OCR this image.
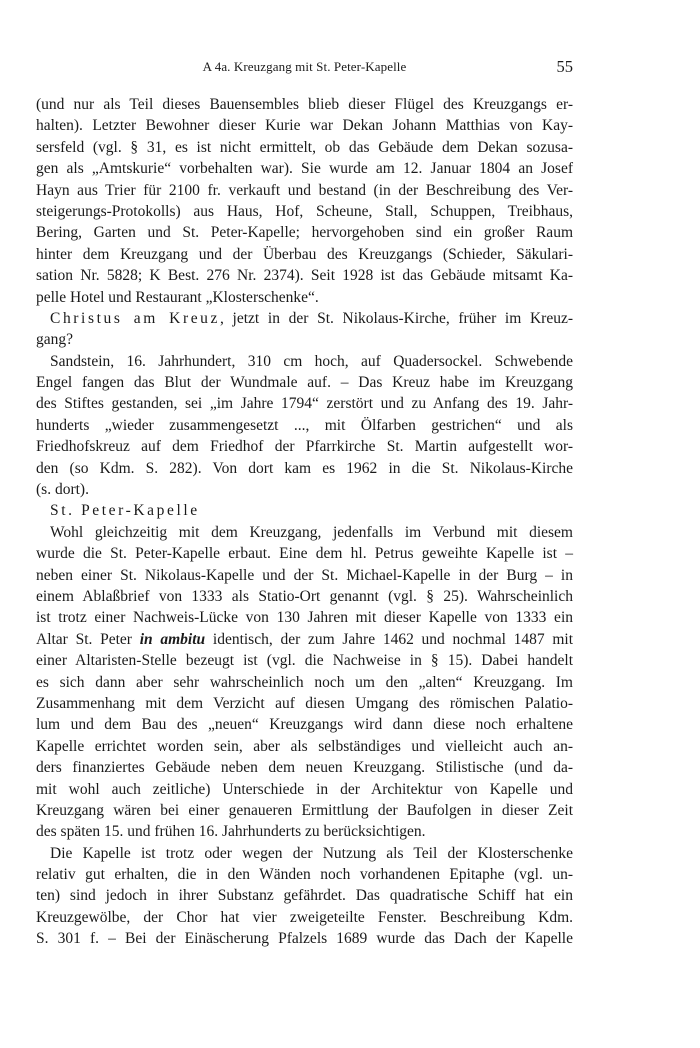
A 4a. Kreuzgang mit St. Peter-Kapelle	55
(und nur als Teil dieses Bauensembles blieb dieser Flügel des Kreuzgangs er-
halten). Letzter Bewohner dieser Kurie war Dekan Johann Matthias von Kay-
sersfeld (vgl. § 31, es ist nicht ermittelt, ob das Gebäude dem Dekan sozusa-
gen als „Amtskurie“ vorbehalten war). Sie wurde am 12. Januar 1804 an Josef
Hayn aus Trier für 2100 fr. verkauft und bestand (in der Beschreibung des Ver-
steigerungs-Protokolls) aus Haus, Hof, Scheune, Stall, Schuppen, Treibhaus,
Bering, Garten und St. Peter-Kapelle; hervorgehoben sind ein großer Raum
hinter dem Kreuzgang und der Überbau des Kreuzgangs (Schieder, Säkulari-
sation Nr. 5828; K Best. 276 Nr. 2374). Seit 1928 ist das Gebäude mitsamt Ka-
pelle Hotel und Restaurant „Klosterschenke“.
Christus am Kreuz, jetzt in der St. Nikolaus-Kirche, früher im Kreuz-
gang?
Sandstein, 16. Jahrhundert, 310 cm hoch, auf Quadersockel. Schwebende
Engel fangen das Blut der Wundmale auf. – Das Kreuz habe im Kreuzgang
des Stiftes gestanden, sei „im Jahre 1794“ zerstört und zu Anfang des 19. Jahr-
hunderts „wieder zusammengesetzt ..., mit Ölfarben gestrichen“ und als
Friedhofskreuz auf dem Friedhof der Pfarrkirche St. Martin aufgestellt wor-
den (so Kdm. S. 282). Von dort kam es 1962 in die St. Nikolaus-Kirche
(s. dort).
St. Peter-Kapelle
Wohl gleichzeitig mit dem Kreuzgang, jedenfalls im Verbund mit diesem
wurde die St. Peter-Kapelle erbaut. Eine dem hl. Petrus geweihte Kapelle ist –
neben einer St. Nikolaus-Kapelle und der St. Michael-Kapelle in der Burg – in
einem Ablaßbrief von 1333 als Statio-Ort genannt (vgl. § 25). Wahrscheinlich
ist trotz einer Nachweis-Lücke von 130 Jahren mit dieser Kapelle von 1333 ein
Altar St. Peter in ambitu identisch, der zum Jahre 1462 und nochmal 1487 mit
einer Altaristen-Stelle bezeugt ist (vgl. die Nachweise in § 15). Dabei handelt
es sich dann aber sehr wahrscheinlich noch um den „alten“ Kreuzgang. Im
Zusammenhang mit dem Verzicht auf diesen Umgang des römischen Palatio-
lum und dem Bau des „neuen“ Kreuzgangs wird dann diese noch erhaltene
Kapelle errichtet worden sein, aber als selbständiges und vielleicht auch an-
ders finanziertes Gebäude neben dem neuen Kreuzgang. Stilistische (und da-
mit wohl auch zeitliche) Unterschiede in der Architektur von Kapelle und
Kreuzgang wären bei einer genaueren Ermittlung der Baufolgen in dieser Zeit
des späten 15. und frühen 16. Jahrhunderts zu berücksichtigen.
Die Kapelle ist trotz oder wegen der Nutzung als Teil der Klosterschenke
relativ gut erhalten, die in den Wänden noch vorhandenen Epitaphe (vgl. un-
ten) sind jedoch in ihrer Substanz gefährdet. Das quadratische Schiff hat ein
Kreuzgewölbe, der Chor hat vier zweigeteilte Fenster. Beschreibung Kdm.
S. 301 f. – Bei der Einäscherung Pfalzels 1689 wurde das Dach der Kapelle
